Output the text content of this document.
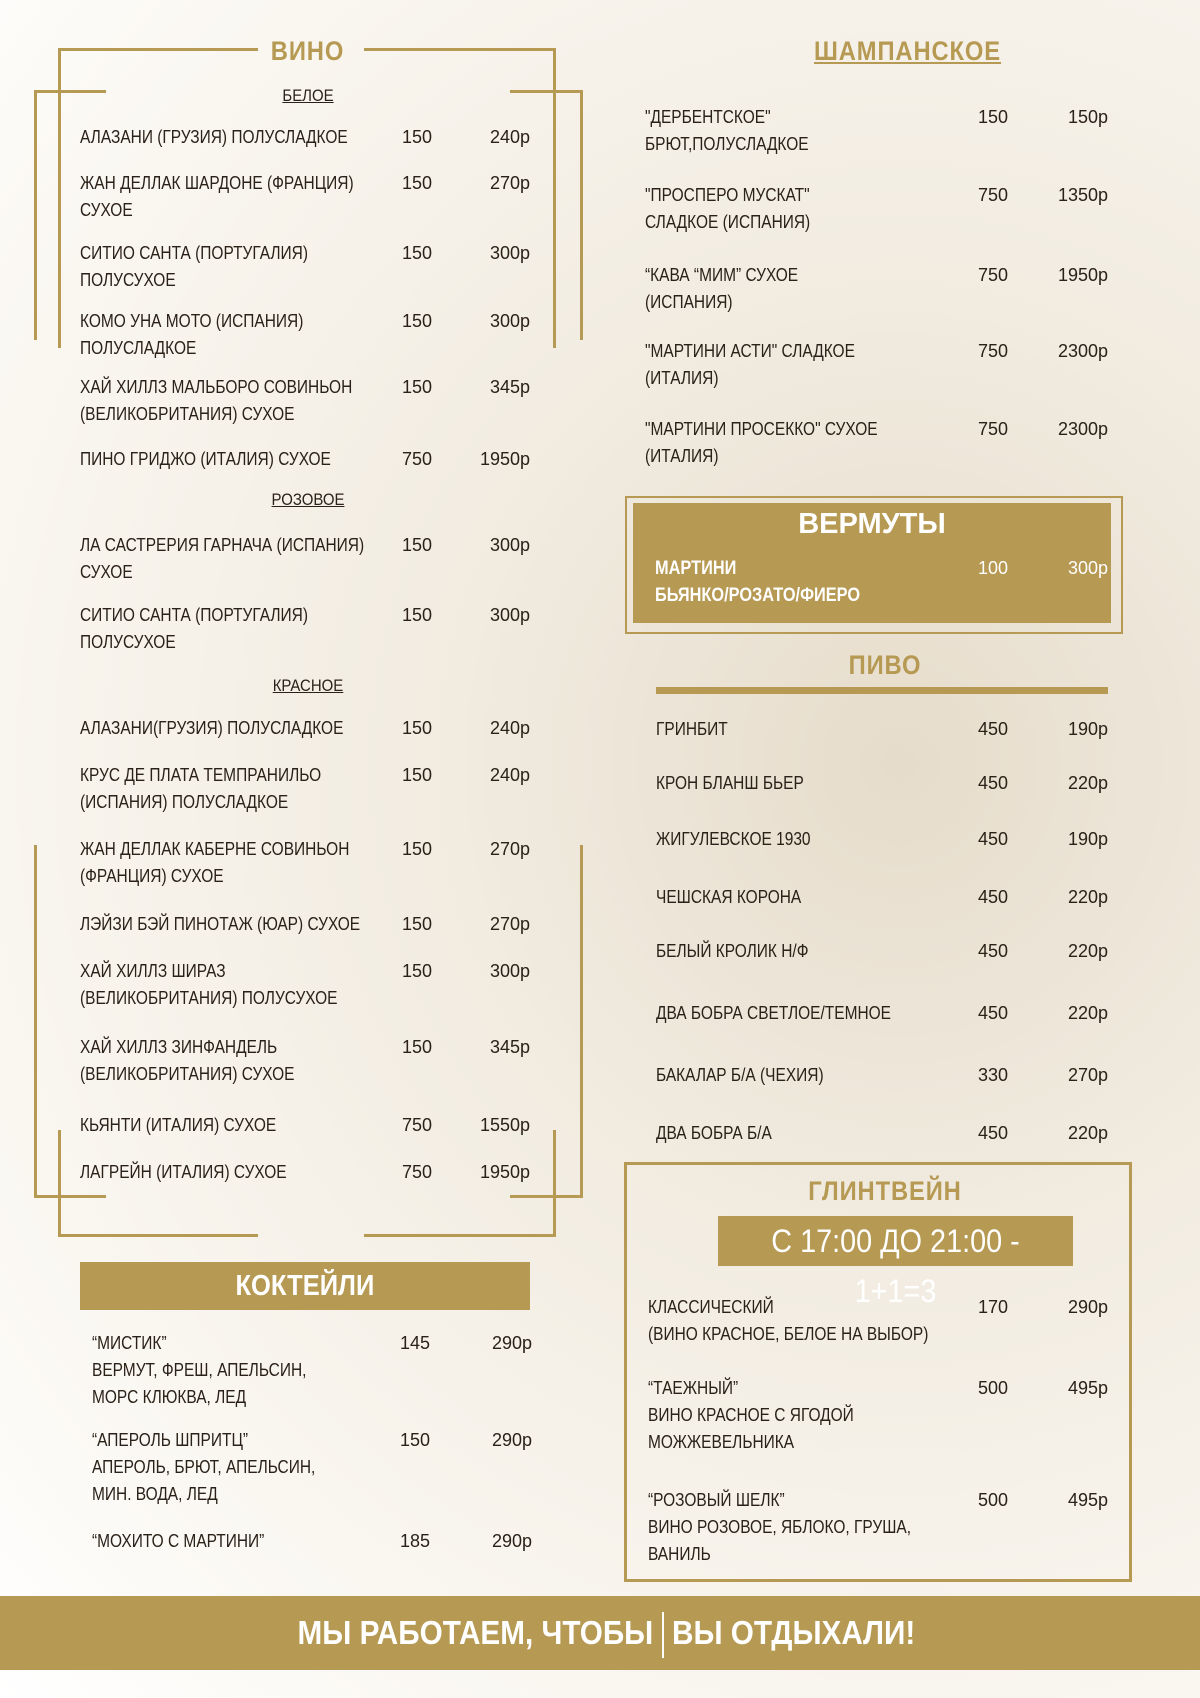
ВИНО
БЕЛОЕ
РОЗОВОЕ
КРАСНОЕ
АЛАЗАНИ (ГРУЗИЯ) ПОЛУСЛАДКОЕ	150	240р
ЖАН ДЕЛЛАК ШАРДОНЕ (ФРАНЦИЯ)
СУХОЕ
150	270р
СИТИО САНТА (ПОРТУГАЛИЯ)
ПОЛУСУХОЕ
150	300р
КОМО УНА МОТО (ИСПАНИЯ)
ПОЛУСЛАДКОЕ
150	300р
ХАЙ ХИЛЛЗ МАЛЬБОРО СОВИНЬОН
(ВЕЛИКОБРИТАНИЯ) СУХОЕ
150	345р
ПИНО ГРИДЖО (ИТАЛИЯ) СУХОЕ	750	1950р
ЛА САСТРЕРИЯ ГАРНАЧА (ИСПАНИЯ)
СУХОЕ
150	300р
СИТИО САНТА (ПОРТУГАЛИЯ)
ПОЛУСУХОЕ
150	300р
АЛАЗАНИ(ГРУЗИЯ) ПОЛУСЛАДКОЕ	150	240р
КРУС ДЕ ПЛАТА ТЕМПРАНИЛЬО
(ИСПАНИЯ) ПОЛУСЛАДКОЕ
150	240р
ЖАН ДЕЛЛАК КАБЕРНЕ СОВИНЬОН
(ФРАНЦИЯ) СУХОЕ
150	270р
ЛЭЙЗИ БЭЙ ПИНОТАЖ (ЮАР) СУХОЕ	150	270р
ХАЙ ХИЛЛЗ ШИРАЗ
(ВЕЛИКОБРИТАНИЯ) ПОЛУСУХОЕ
150	300р
ХАЙ ХИЛЛЗ ЗИНФАНДЕЛЬ
(ВЕЛИКОБРИТАНИЯ) СУХОЕ
150	345р
КЬЯНТИ (ИТАЛИЯ) СУХОЕ	750	1550р
ЛАГРЕЙН (ИТАЛИЯ) СУХОЕ	750	1950р
КОКТЕЙЛИ
“МИСТИК”
ВЕРМУТ, ФРЕШ, АПЕЛЬСИН,
МОРС КЛЮКВА, ЛЕД
145	290р
“АПЕРОЛЬ ШПРИТЦ”
АПЕРОЛЬ, БРЮТ, АПЕЛЬСИН,
МИН. ВОДА, ЛЕД
150	290р
“МОХИТО С МАРТИНИ”	185	290р
ШАМПАНСКОЕ
"ДЕРБЕНТСКОЕ"
БРЮТ,ПОЛУСЛАДКОЕ
150	150р
"ПРОСПЕРО МУСКАТ"
СЛАДКОЕ (ИСПАНИЯ)
750	1350р
“КАВА “МИМ” СУХОЕ
(ИСПАНИЯ)
750	1950р
"МАРТИНИ АСТИ" СЛАДКОЕ
(ИТАЛИЯ)
750	2300р
"МАРТИНИ ПРОСЕККО" СУХОЕ
(ИТАЛИЯ)
750	2300р
ВЕРМУТЫ
МАРТИНИ
БЬЯНКО/РОЗАТО/ФИЕРО
100	300р
ПИВО
ГРИНБИТ	450	190р
КРОН БЛАНШ БЬЕР	450	220р
ЖИГУЛЕВСКОЕ 1930	450	190р
ЧЕШСКАЯ КОРОНА	450	220р
БЕЛЫЙ КРОЛИК Н/Ф	450	220р
ДВА БОБРА СВЕТЛОЕ/ТЕМНОЕ	450	220р
БАКАЛАР Б/А (ЧЕХИЯ)	330	270р
ДВА БОБРА Б/А	450	220р
ГЛИНТВЕЙН
С 17:00 ДО 21:00 - 1+1=3
КЛАССИЧЕСКИЙ
(ВИНО КРАСНОЕ, БЕЛОЕ НА ВЫБОР)
170	290р
“ТАЕЖНЫЙ”
ВИНО КРАСНОЕ С ЯГОДОЙ
МОЖЖЕВЕЛЬНИКА
500	495р
“РОЗОВЫЙ ШЕЛК”
ВИНО РОЗОВОЕ, ЯБЛОКО, ГРУША,
ВАНИЛЬ
500	495р
МЫ РАБОТАЕМ, ЧТОБЫ ВЫ ОТДЫХАЛИ!
